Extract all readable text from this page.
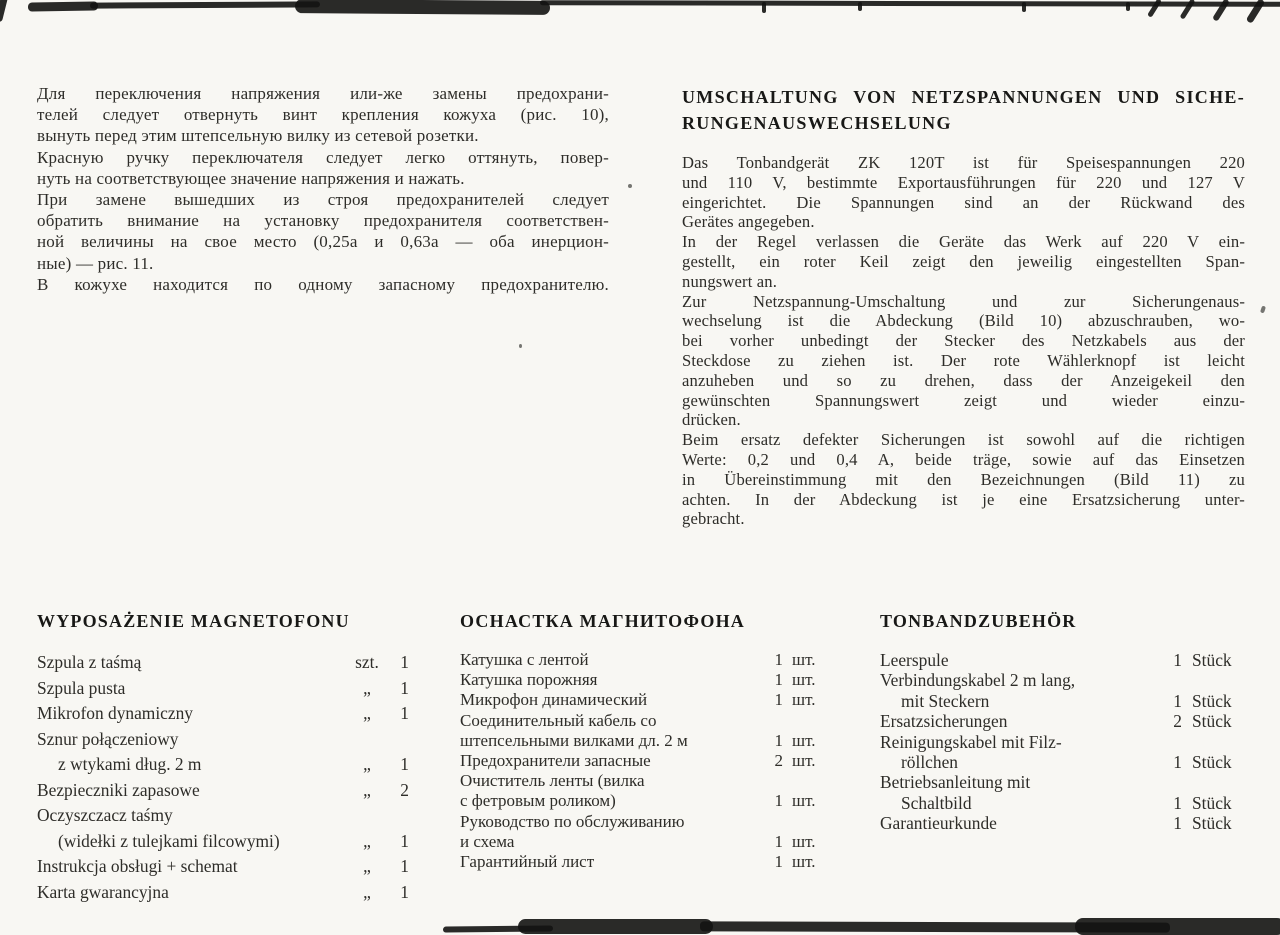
Для переключения напряжения или-же замены предохрани-
телей следует отвернуть винт крепления кожуха (рис. 10),
вынуть перед этим штепсельную вилку из сетевой розетки.
Красную ручку переключателя следует легко оттянуть, повер-
нуть на соответствующее значение напряжения и нажать.
При замене вышедших из строя предохранителей следует
обратить внимание на установку предохранителя соответствен-
ной величины на свое место (0,25а и 0,63а — оба инерцион-
ные) — рис. 11.
В кожухе находится по одному запасному предохранителю.
UMSCHALTUNG VON NETZSPANNUNGEN UND SICHE-
RUNGENAUSWECHSELUNG
Das Tonbandgerät ZK 120T ist für Speisespannungen 220
und 110 V, bestimmte Exportausführungen für 220 und 127 V
eingerichtet. Die Spannungen sind an der Rückwand des
Gerätes angegeben.
In der Regel verlassen die Geräte das Werk auf 220 V ein-
gestellt, ein roter Keil zeigt den jeweilig eingestellten Span-
nungswert an.
Zur Netzspannung-Umschaltung und zur Sicherungenaus-
wechselung ist die Abdeckung (Bild 10) abzuschrauben, wo-
bei vorher unbedingt der Stecker des Netzkabels aus der
Steckdose zu ziehen ist. Der rote Wählerknopf ist leicht
anzuheben und so zu drehen, dass der Anzeigekeil den
gewünschten Spannungswert zeigt und wieder einzu-
drücken.
Beim ersatz defekter Sicherungen ist sowohl auf die richtigen
Werte: 0,2 und 0,4 A, beide träge, sowie auf das Einsetzen
in Übereinstimmung mit den Bezeichnungen (Bild 11) zu
achten. In der Abdeckung ist je eine Ersatzsicherung unter-
gebracht.
WYPOSAŻENIE MAGNETOFONU
Szpula z taśmą	szt.	1
Szpula pusta	„	1
Mikrofon dynamiczny	„	1
Sznur połączeniowy
z wtykami dług. 2 m	„	1
Bezpieczniki zapasowe	„	2
Oczyszczacz taśmy
(widełki z tulejkami filcowymi)	„	1
Instrukcja obsługi + schemat	„	1
Karta gwarancyjna	„	1
ОСНАСТКА МАГНИТОФОНА
Катушка с лентой	1 шт.
Катушка порожняя	1 шт.
Микрофон динамический	1 шт.
Соединительный кабель со
штепсельными вилками дл. 2 м	1 шт.
Предохранители запасные	2 шт.
Очиститель ленты (вилка
с фетровым роликом)	1 шт.
Руководство по обслуживанию
и схема	1 шт.
Гарантийный лист	1 шт.
TONBANDZUBEHÖR
Leerspule	1 Stück
Verbindungskabel 2 m lang,
mit Steckern	1 Stück
Ersatzsicherungen	2 Stück
Reinigungskabel mit Filz-
röllchen	1 Stück
Betriebsanleitung mit
Schaltbild	1 Stück
Garantieurkunde	1 Stück
